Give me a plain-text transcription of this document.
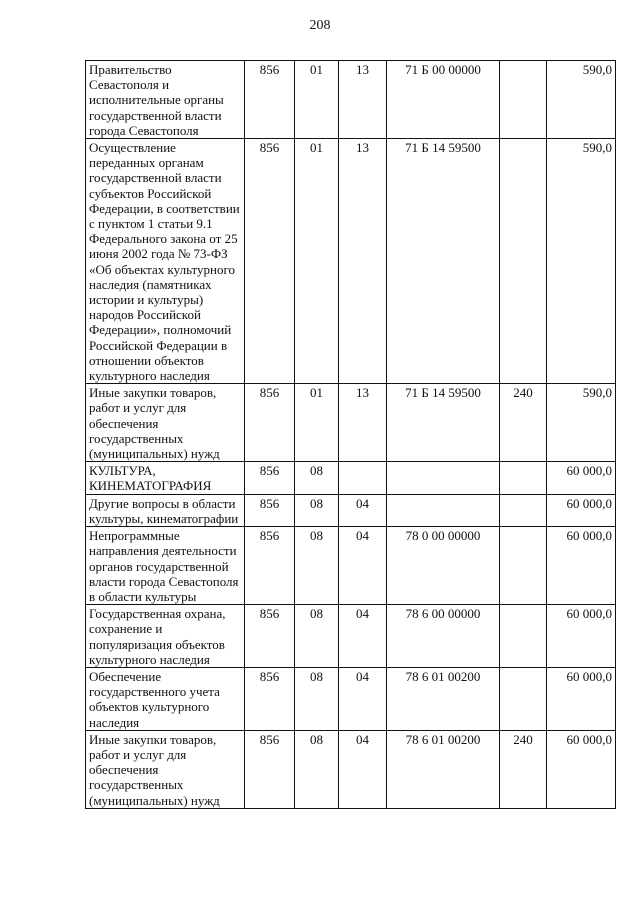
208
Правительство Севастополя и исполнительные органы государственной власти города Севастополя	856	01	13	71 Б 00 00000		590,0
Осуществление переданных органам государственной власти субъектов Российской Федерации, в соответствии с пунктом 1 статьи 9.1 Федерального закона от 25 июня 2002 года № 73-ФЗ «Об объектах культурного наследия (памятниках истории и культуры) народов Российской Федерации», полномочий Российской Федерации в отношении объектов культурного наследия	856	01	13	71 Б 14 59500		590,0
Иные закупки товаров, работ и услуг для обеспечения государственных (муниципальных) нужд	856	01	13	71 Б 14 59500	240	590,0
КУЛЬТУРА, КИНЕМАТОГРАФИЯ	856	08				60 000,0
Другие вопросы в области культуры, кинематографии	856	08	04			60 000,0
Непрограммные направления деятельности органов государственной власти города Севастополя в области культуры	856	08	04	78 0 00 00000		60 000,0
Государственная охрана, сохранение и популяризация объектов культурного наследия	856	08	04	78 6 00 00000		60 000,0
Обеспечение государственного учета объектов культурного наследия	856	08	04	78 6 01 00200		60 000,0
Иные закупки товаров, работ и услуг для обеспечения государственных (муниципальных) нужд	856	08	04	78 6 01 00200	240	60 000,0
